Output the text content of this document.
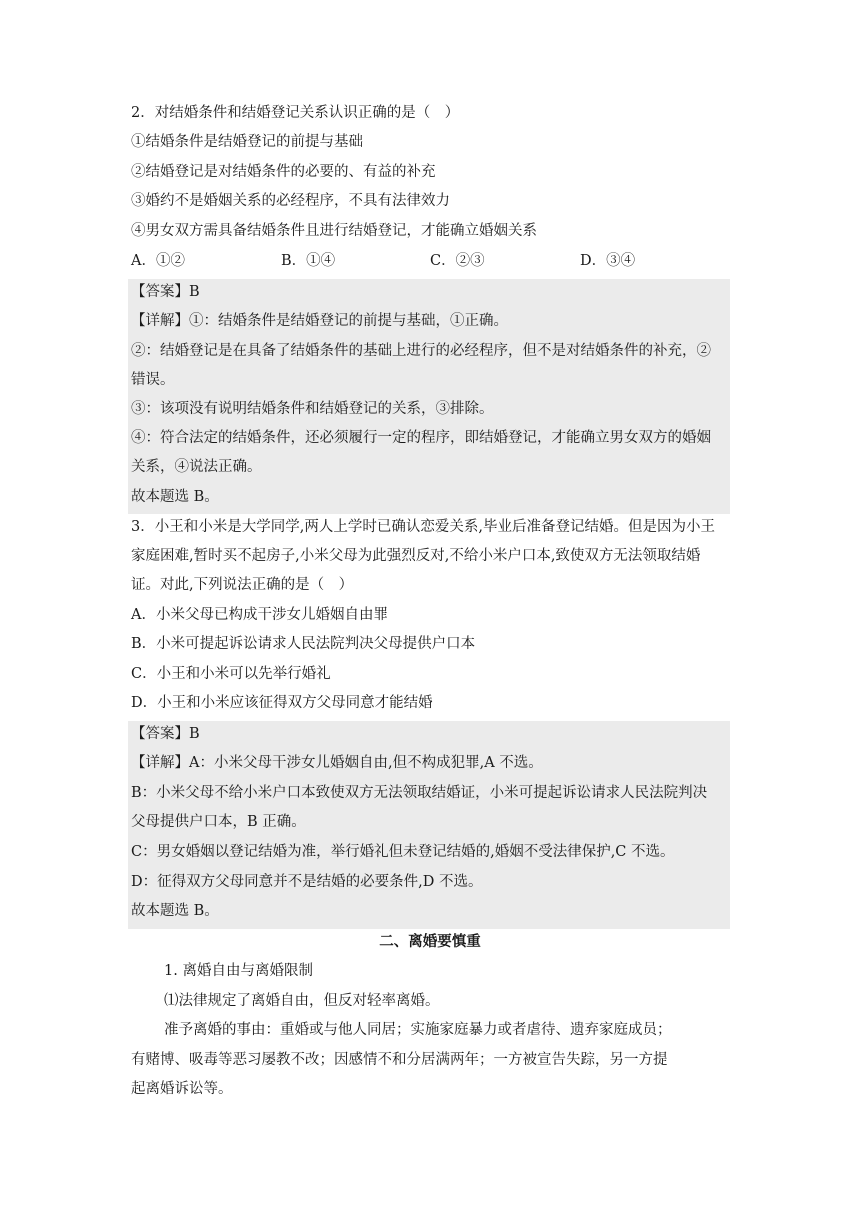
2．对结婚条件和结婚登记关系认识正确的是（　）
①结婚条件是结婚登记的前提与基础
②结婚登记是对结婚条件的必要的、有益的补充
③婚约不是婚姻关系的必经程序，不具有法律效力
④男女双方需具备结婚条件且进行结婚登记，才能确立婚姻关系
A．①②	B．①④	C．②③	D．③④
【答案】B
【详解】①：结婚条件是结婚登记的前提与基础，①正确。
②：结婚登记是在具备了结婚条件的基础上进行的必经程序，但不是对结婚条件的补充，②
错误。
③：该项没有说明结婚条件和结婚登记的关系，③排除。
④：符合法定的结婚条件，还必须履行一定的程序，即结婚登记，才能确立男女双方的婚姻
关系，④说法正确。
故本题选 B。
3．小王和小米是大学同学,两人上学时已确认恋爱关系,毕业后准备登记结婚。但是因为小王
家庭困难,暂时买不起房子,小米父母为此强烈反对,不给小米户口本,致使双方无法领取结婚
证。对此,下列说法正确的是（　）
A．小米父母已构成干涉女儿婚姻自由罪
B．小米可提起诉讼请求人民法院判决父母提供户口本
C．小王和小米可以先举行婚礼
D．小王和小米应该征得双方父母同意才能结婚
【答案】B
【详解】A：小米父母干涉女儿婚姻自由,但不构成犯罪,A 不选。
B：小米父母不给小米户口本致使双方无法领取结婚证，小米可提起诉讼请求人民法院判决
父母提供户口本，B 正确。
C：男女婚姻以登记结婚为准，举行婚礼但未登记结婚的,婚姻不受法律保护,C 不选。
D：征得双方父母同意并不是结婚的必要条件,D 不选。
故本题选 B。
二、离婚要慎重
1. 离婚自由与离婚限制
⑴法律规定了离婚自由，但反对轻率离婚。
准予离婚的事由：重婚或与他人同居；实施家庭暴力或者虐待、遗弃家庭成员；
有赌博、吸毒等恶习屡教不改；因感情不和分居满两年；一方被宣告失踪，另一方提
起离婚诉讼等。
